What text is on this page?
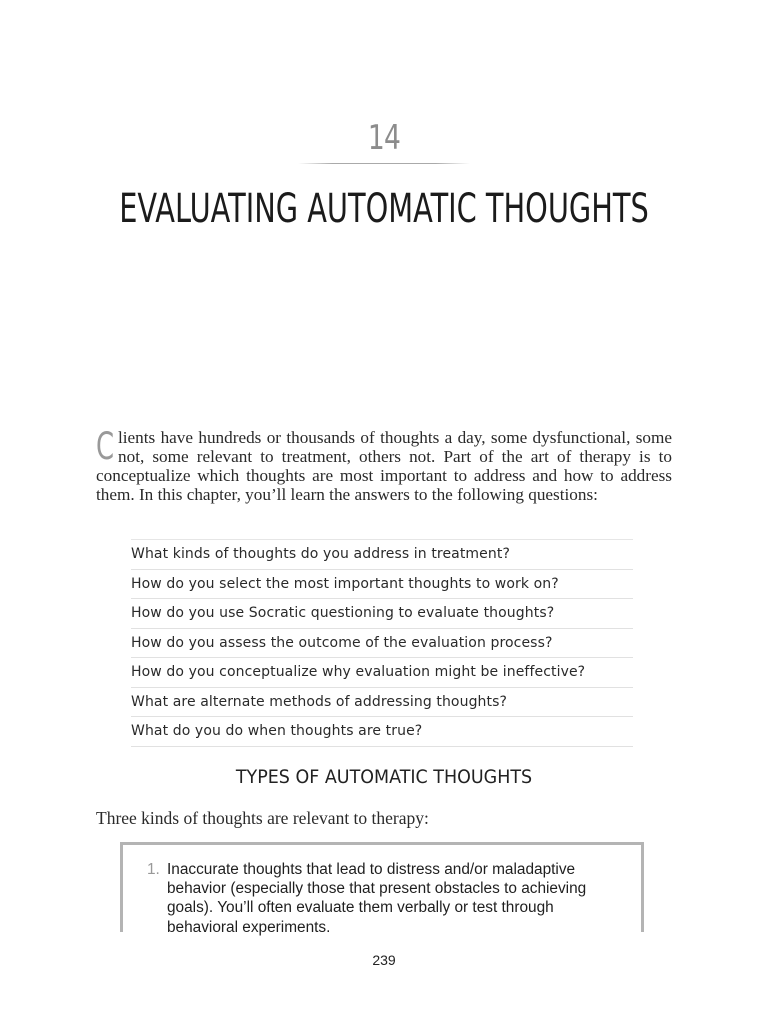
14
EVALUATING AUTOMATIC THOUGHTS

Clients have hundreds or thousands of thoughts a day, some dysfunctional, some not, some relevant to treatment, others not. Part of the art of therapy is to conceptualize which thoughts are most important to address and how to address them. In this chapter, you’ll learn the answers to the following questions:

What kinds of thoughts do you address in treatment?
How do you select the most important thoughts to work on?
How do you use Socratic questioning to evaluate thoughts?
How do you assess the outcome of the evaluation process?
How do you conceptualize why evaluation might be ineffective?
What are alternate methods of addressing thoughts?
What do you do when thoughts are true?
TYPES OF AUTOMATIC THOUGHTS

Three kinds of thoughts are relevant to therapy:

1. Inaccurate thoughts that lead to distress and/or maladaptive behavior (especially those that present obstacles to achieving goals). You’ll often evaluate them verbally or test through behavioral experiments.
239
